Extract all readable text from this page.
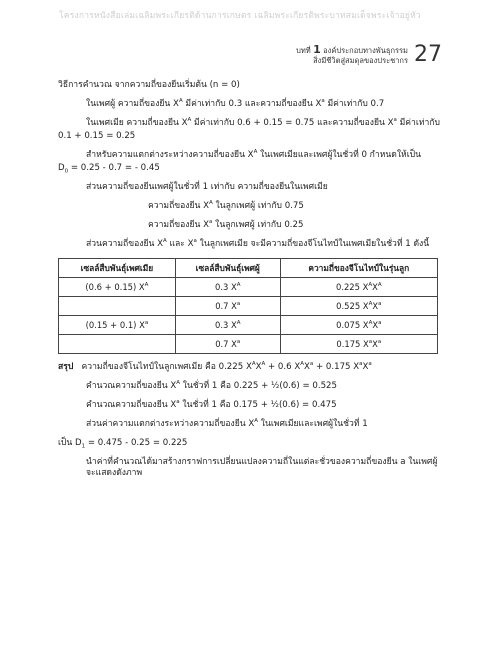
โครงการหนังสือเล่มเฉลิมพระเกียรติด้านการเกษตร เฉลิมพระเกียรติพระบาทสมเด็จพระเจ้าอยู่หัว
บทที่ 1 องค์ประกอบทางพันธุกรรม
สิ่งมีชีวิตสู่สมดุลของประชากร 27

วิธีการคำนวณ จากความถี่ของยีนเริ่มต้น (n = 0)

ในเพศผู้ ความถี่ของยีน $X^A$ มีค่าเท่ากับ 0.3 และความถี่ของยีน $X^a$ มีค่าเท่ากับ 0.7

ในเพศเมีย ความถี่ของยีน $X^A$ มีค่าเท่ากับ 0.6 + 0.15 = 0.75 และความถี่ของยีน $X^a$ มีค่าเท่ากับ

0.1 + 0.15 = 0.25

สำหรับความแตกต่างระหว่างความถี่ของยีน $X^A$ ในเพศเมียและเพศผู้ในชั่วที่ 0 กำหนดให้เป็น

$D_0 = 0.25 - 0.7$ = - 0.45

ส่วนความถี่ของยีนเพศผู้ในชั่วที่ 1 เท่ากับ ความถี่ของยีนในเพศเมีย

ความถี่ของยีน $X^A$ ในลูกเพศผู้ เท่ากับ 0.75

ความถี่ของยีน $X^a$ ในลูกเพศผู้ เท่ากับ 0.25

ส่วนความถี่ของยีน $X^A$ และ $X^a$ ในลูกเพศเมีย จะมีความถี่ของจีโนไทป์ในเพศเมียในชั่วที่ 1 ดังนี้

เซลล์สืบพันธุ์เพศเมีย	เซลล์สืบพันธุ์เพศผู้	ความถี่ของจีโนไทป์ในรุ่นลูก
(0.6 + 0.15) $X^A$	0.3 $X^A$	0.225 $X^AX^A$
	0.7 $X^a$	0.525 $X^AX^a$
(0.15 + 0.1) $X^a$	0.3 $X^A$	0.075 $X^AX^a$
	0.7 $X^a$	0.175 $X^aX^a$

สรุป ความถี่ของจีโนไทป์ในลูกเพศเมีย คือ 0.225 $X^AX^A + 0.6$ $X^AX^a + 0.175$ $X^aX^a$

คำนวณความถี่ของยีน $X^A$ ในชั่วที่ 1 คือ 0.225 + ½(0.6) = 0.525

คำนวณความถี่ของยีน $X^a$ ในชั่วที่ 1 คือ 0.175 + ½(0.6) = 0.475

ส่วนค่าความแตกต่างระหว่างความถี่ของยีน $X^A$ ในเพศเมียและเพศผู้ในชั่วที่ 1

เป็น $D_1 = 0.475 - 0.25 = 0.225$

นำค่าที่คำนวณได้มาสร้างกราฟการเปลี่ยนแปลงความถี่ในแต่ละชั่วของความถี่ของยีน a ในเพศผู้ จะแสดงดังภาพ
